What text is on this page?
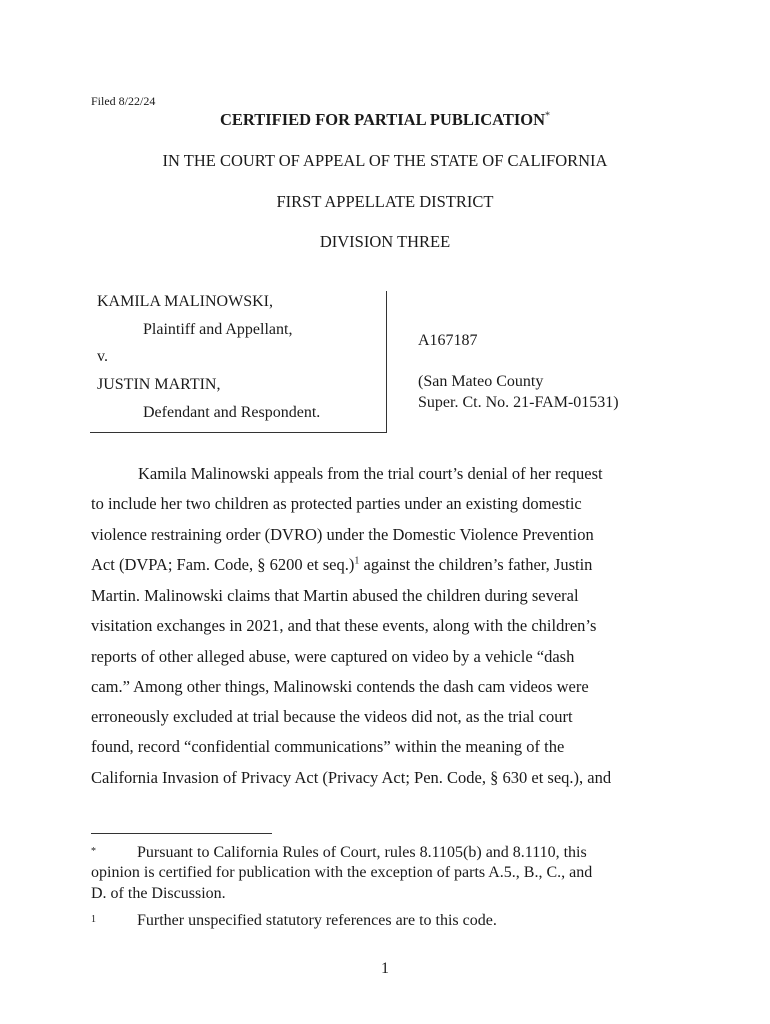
Filed 8/22/24
CERTIFIED FOR PARTIAL PUBLICATION*
IN THE COURT OF APPEAL OF THE STATE OF CALIFORNIA
FIRST APPELLATE DISTRICT
DIVISION THREE
KAMILA MALINOWSKI,
Plaintiff and Appellant,
v.
JUSTIN MARTIN,
Defendant and Respondent.
A167187
(San Mateo County
Super. Ct. No. 21-FAM-01531)
Kamila Malinowski appeals from the trial court’s denial of her request
to include her two children as protected parties under an existing domestic
violence restraining order (DVRO) under the Domestic Violence Prevention
Act (DVPA; Fam. Code, § 6200 et seq.)$^1$ against the children’s father, Justin
Martin. Malinowski claims that Martin abused the children during several
visitation exchanges in 2021, and that these events, along with the children’s
reports of other alleged abuse, were captured on video by a vehicle “dash
cam.” Among other things, Malinowski contends the dash cam videos were
erroneously excluded at trial because the videos did not, as the trial court
found, record “confidential communications” within the meaning of the
California Invasion of Privacy Act (Privacy Act; Pen. Code, § 630 et seq.), and
*	Pursuant to California Rules of Court, rules 8.1105(b) and 8.1110, this
opinion is certified for publication with the exception of parts A.5., B., C., and
D. of the Discussion.
1	Further unspecified statutory references are to this code.
1
